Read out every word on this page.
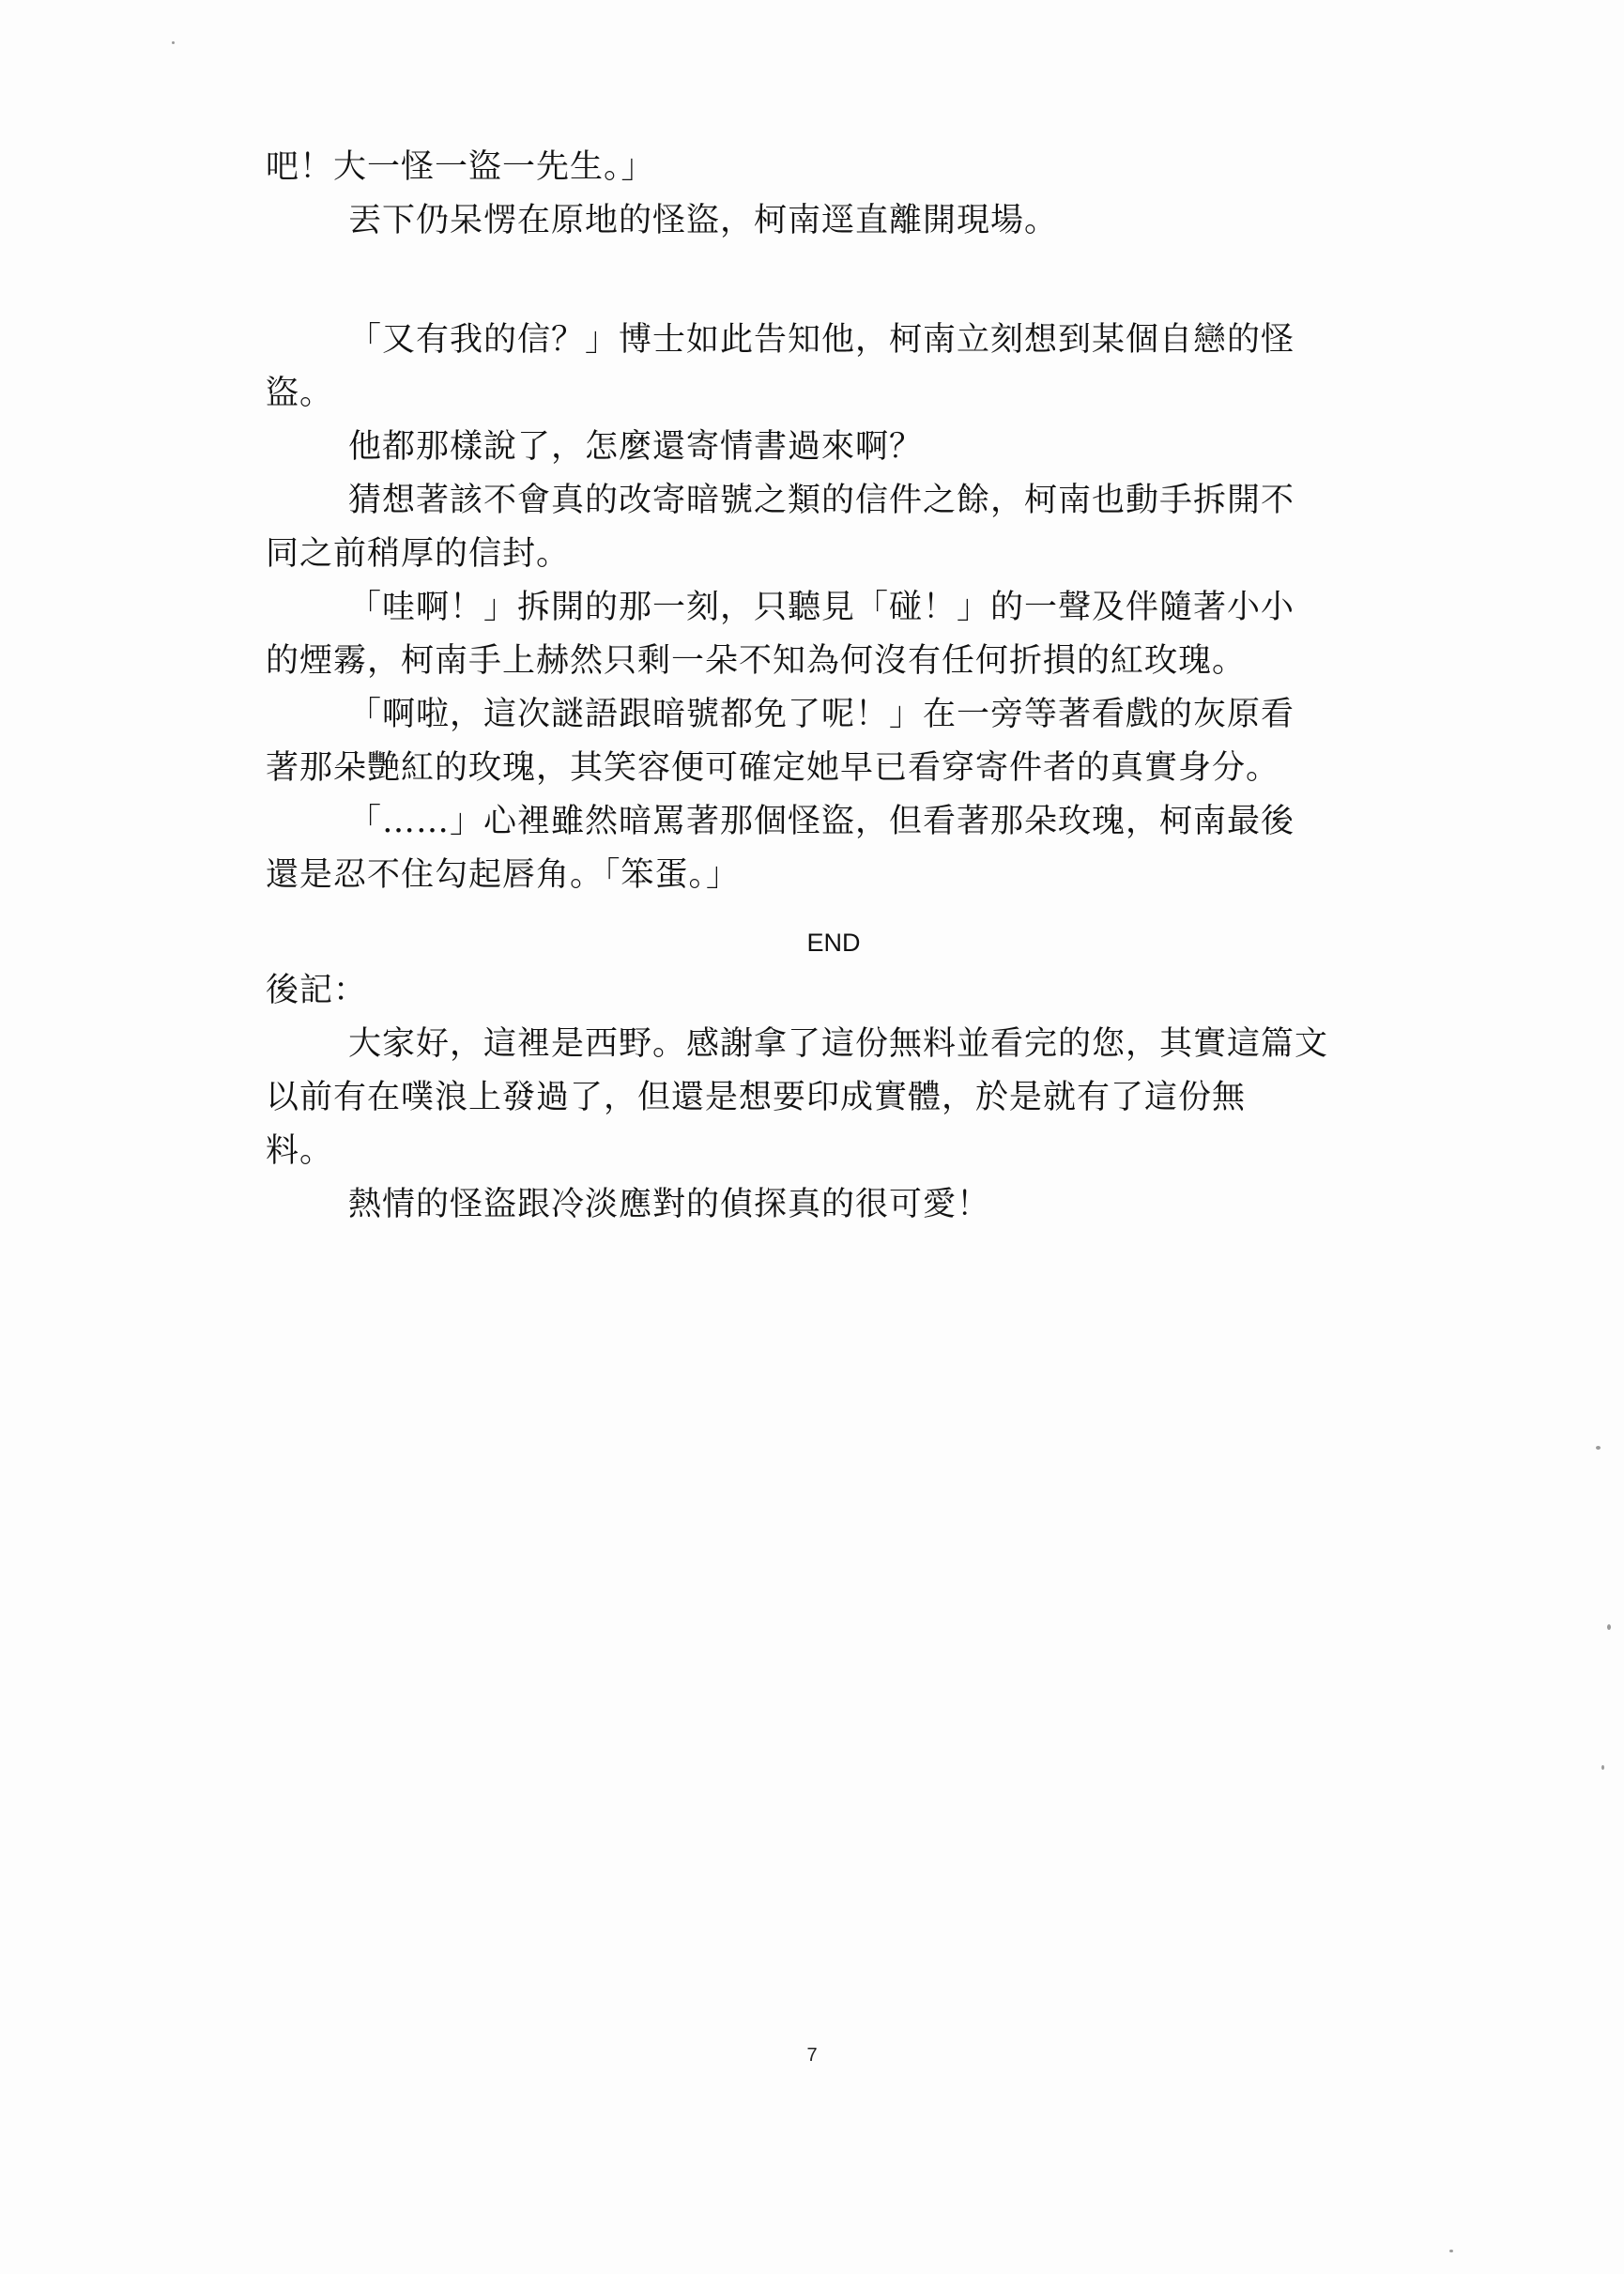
吧！大一怪一盜一先生。」
丟下仍呆愣在原地的怪盜，柯南逕直離開現場。
「又有我的信？」博士如此告知他，柯南立刻想到某個自戀的怪
盜。
他都那樣說了，怎麼還寄情書過來啊？
猜想著該不會真的改寄暗號之類的信件之餘，柯南也動手拆開不
同之前稍厚的信封。
「哇啊！」拆開的那一刻，只聽見「碰！」的一聲及伴隨著小小
的煙霧，柯南手上赫然只剩一朵不知為何沒有任何折損的紅玫瑰。
「啊啦，這次謎語跟暗號都免了呢！」在一旁等著看戲的灰原看
著那朵艷紅的玫瑰，其笑容便可確定她早已看穿寄件者的真實身分。
「……」心裡雖然暗罵著那個怪盜，但看著那朵玫瑰，柯南最後
還是忍不住勾起唇角。「笨蛋。」
END
後記：
大家好，這裡是西野。感謝拿了這份無料並看完的您，其實這篇文
以前有在噗浪上發過了，但還是想要印成實體，於是就有了這份無
料。
熱情的怪盜跟冷淡應對的偵探真的很可愛！
7
